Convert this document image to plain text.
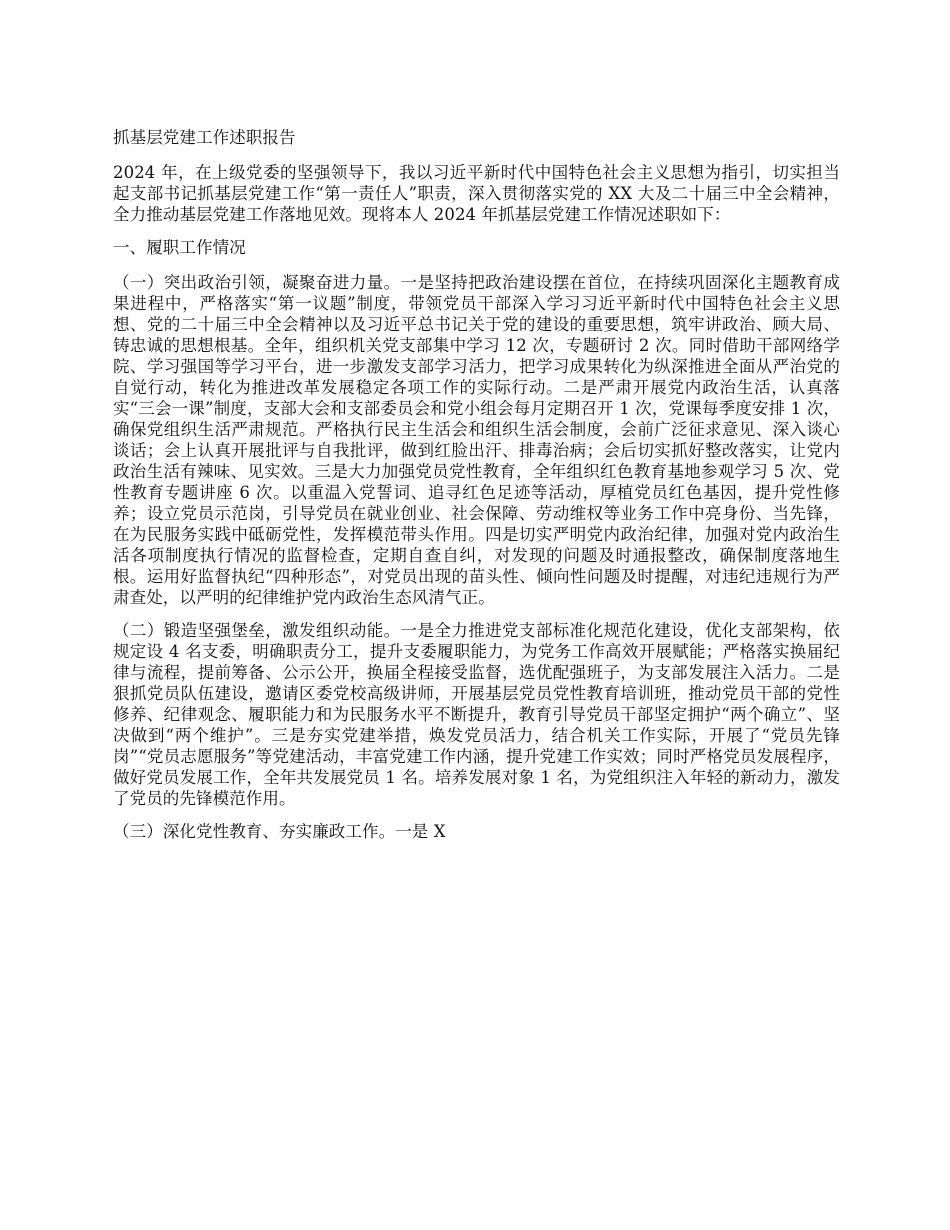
抓基层党建工作述职报告

2024 年，在上级党委的坚强领导下，我以习近平新时代中国特色社会主义思想为指引，切实担当起支部书记抓基层党建工作“第一责任人”职责，深入贯彻落实党的 XX 大及二十届三中全会精神，全力推动基层党建工作落地见效。现将本人 2024 年抓基层党建工作情况述职如下：

一、履职工作情况

（一）突出政治引领，凝聚奋进力量。一是坚持把政治建设摆在首位，在持续巩固深化主题教育成果进程中，严格落实“第一议题”制度，带领党员干部深入学习习近平新时代中国特色社会主义思想、党的二十届三中全会精神以及习近平总书记关于党的建设的重要思想，筑牢讲政治、顾大局、铸忠诚的思想根基。全年，组织机关党支部集中学习 12 次，专题研讨 2 次。同时借助干部网络学院、学习强国等学习平台，进一步激发支部学习活力，把学习成果转化为纵深推进全面从严治党的自觉行动，转化为推进改革发展稳定各项工作的实际行动。二是严肃开展党内政治生活，认真落实“三会一课”制度，支部大会和支部委员会和党小组会每月定期召开 1 次，党课每季度安排 1 次，确保党组织生活严肃规范。严格执行民主生活会和组织生活会制度，会前广泛征求意见、深入谈心谈话；会上认真开展批评与自我批评，做到红脸出汗、排毒治病；会后切实抓好整改落实，让党内政治生活有辣味、见实效。三是大力加强党员党性教育，全年组织红色教育基地参观学习 5 次、党性教育专题讲座 6 次。以重温入党誓词、追寻红色足迹等活动，厚植党员红色基因，提升党性修养；设立党员示范岗，引导党员在就业创业、社会保障、劳动维权等业务工作中亮身份、当先锋，在为民服务实践中砥砺党性，发挥模范带头作用。四是切实严明党内政治纪律，加强对党内政治生活各项制度执行情况的监督检查，定期自查自纠，对发现的问题及时通报整改，确保制度落地生根。运用好监督执纪“四种形态”，对党员出现的苗头性、倾向性问题及时提醒，对违纪违规行为严肃查处，以严明的纪律维护党内政治生态风清气正。

（二）锻造坚强堡垒，激发组织动能。一是全力推进党支部标准化规范化建设，优化支部架构，依规定设 4 名支委，明确职责分工，提升支委履职能力，为党务工作高效开展赋能；严格落实换届纪律与流程，提前筹备、公示公开，换届全程接受监督，选优配强班子，为支部发展注入活力。二是狠抓党员队伍建设，邀请区委党校高级讲师，开展基层党员党性教育培训班，推动党员干部的党性修养、纪律观念、履职能力和为民服务水平不断提升，教育引导党员干部坚定拥护“两个确立”、坚决做到“两个维护”。三是夯实党建举措，焕发党员活力，结合机关工作实际，开展了“党员先锋岗”“党员志愿服务”等党建活动，丰富党建工作内涵，提升党建工作实效；同时严格党员发展程序，做好党员发展工作，全年共发展党员 1 名。培养发展对象 1 名，为党组织注入年轻的新动力，激发了党员的先锋模范作用。

（三）深化党性教育、夯实廉政工作。一是 X
